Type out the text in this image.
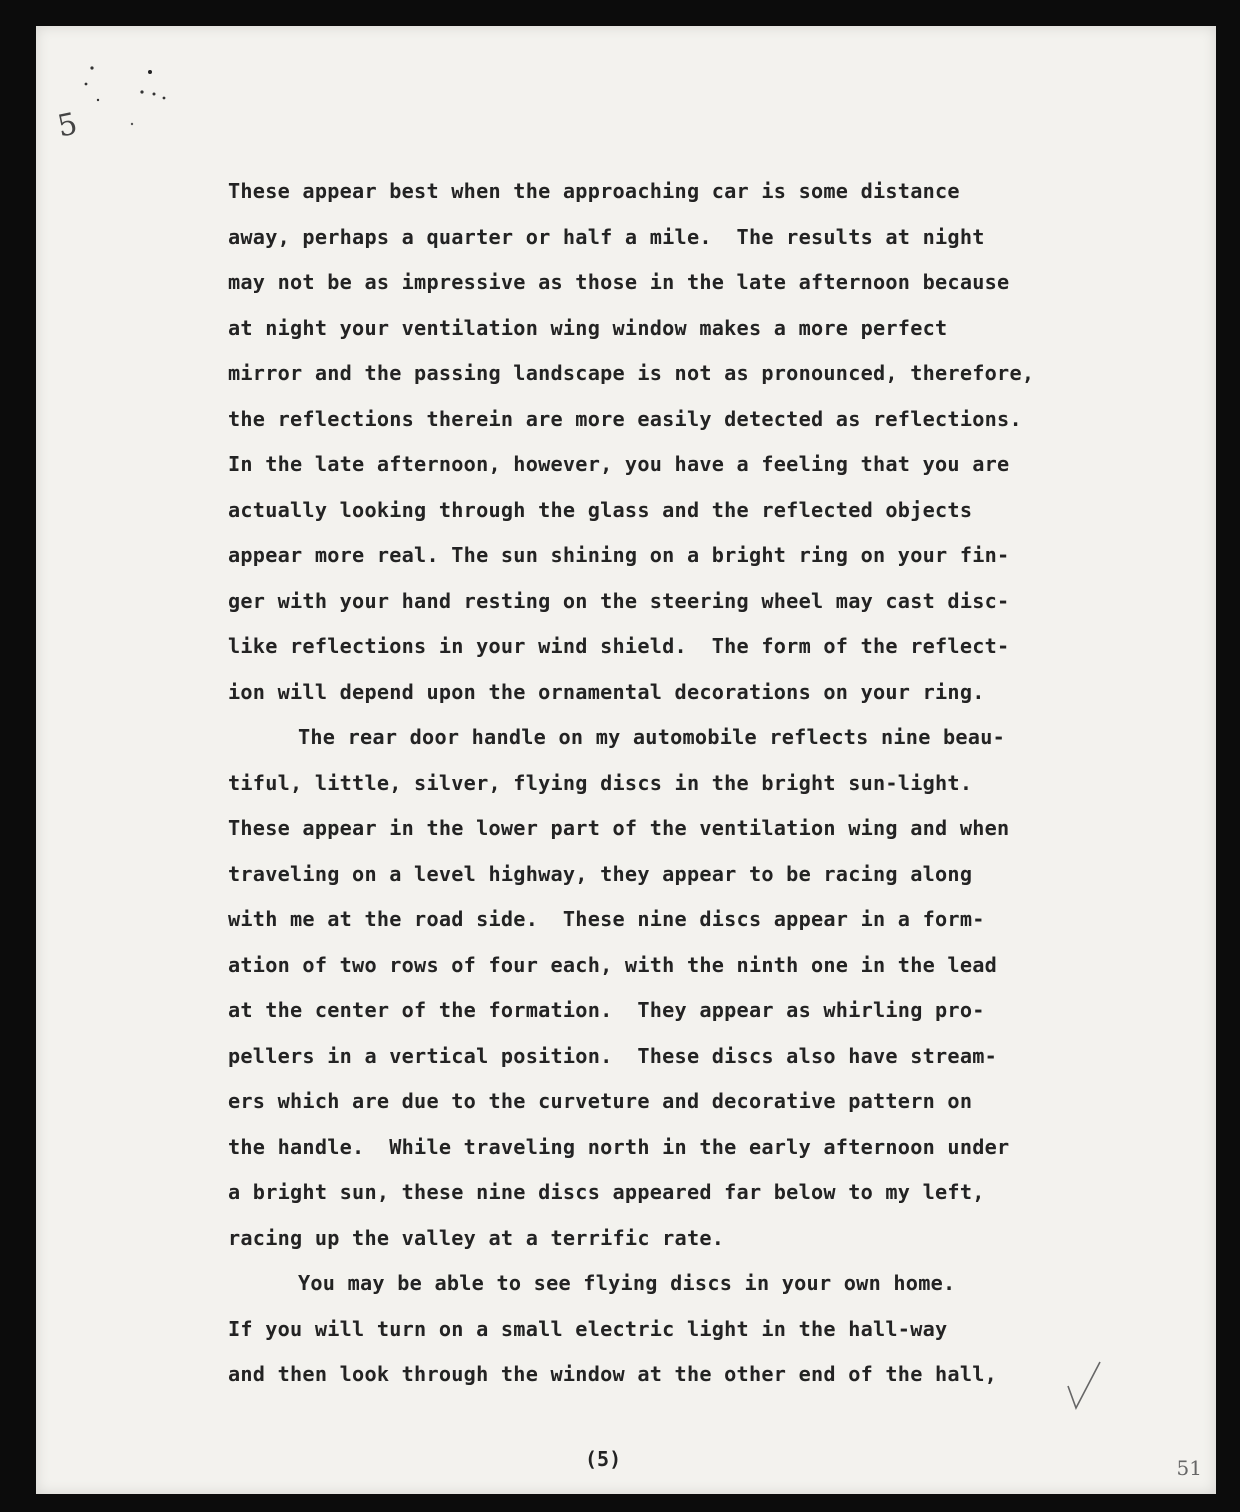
5
These appear best when the approaching car is some distance
away, perhaps a quarter or half a mile.  The results at night
may not be as impressive as those in the late afternoon because
at night your ventilation wing window makes a more perfect
mirror and the passing landscape is not as pronounced, therefore,
the reflections therein are more easily detected as reflections.
In the late afternoon, however, you have a feeling that you are
actually looking through the glass and the reflected objects
appear more real. The sun shining on a bright ring on your fin-
ger with your hand resting on the steering wheel may cast disc-
like reflections in your wind shield.  The form of the reflect-
ion will depend upon the ornamental decorations on your ring.
The rear door handle on my automobile reflects nine beau-
tiful, little, silver, flying discs in the bright sun-light.
These appear in the lower part of the ventilation wing and when
traveling on a level highway, they appear to be racing along
with me at the road side.  These nine discs appear in a form-
ation of two rows of four each, with the ninth one in the lead
at the center of the formation.  They appear as whirling pro-
pellers in a vertical position.  These discs also have stream-
ers which are due to the curveture and decorative pattern on
the handle.  While traveling north in the early afternoon under
a bright sun, these nine discs appeared far below to my left,
racing up the valley at a terrific rate.
You may be able to see flying discs in your own home.
If you will turn on a small electric light in the hall-way
and then look through the window at the other end of the hall,
(5)	51
